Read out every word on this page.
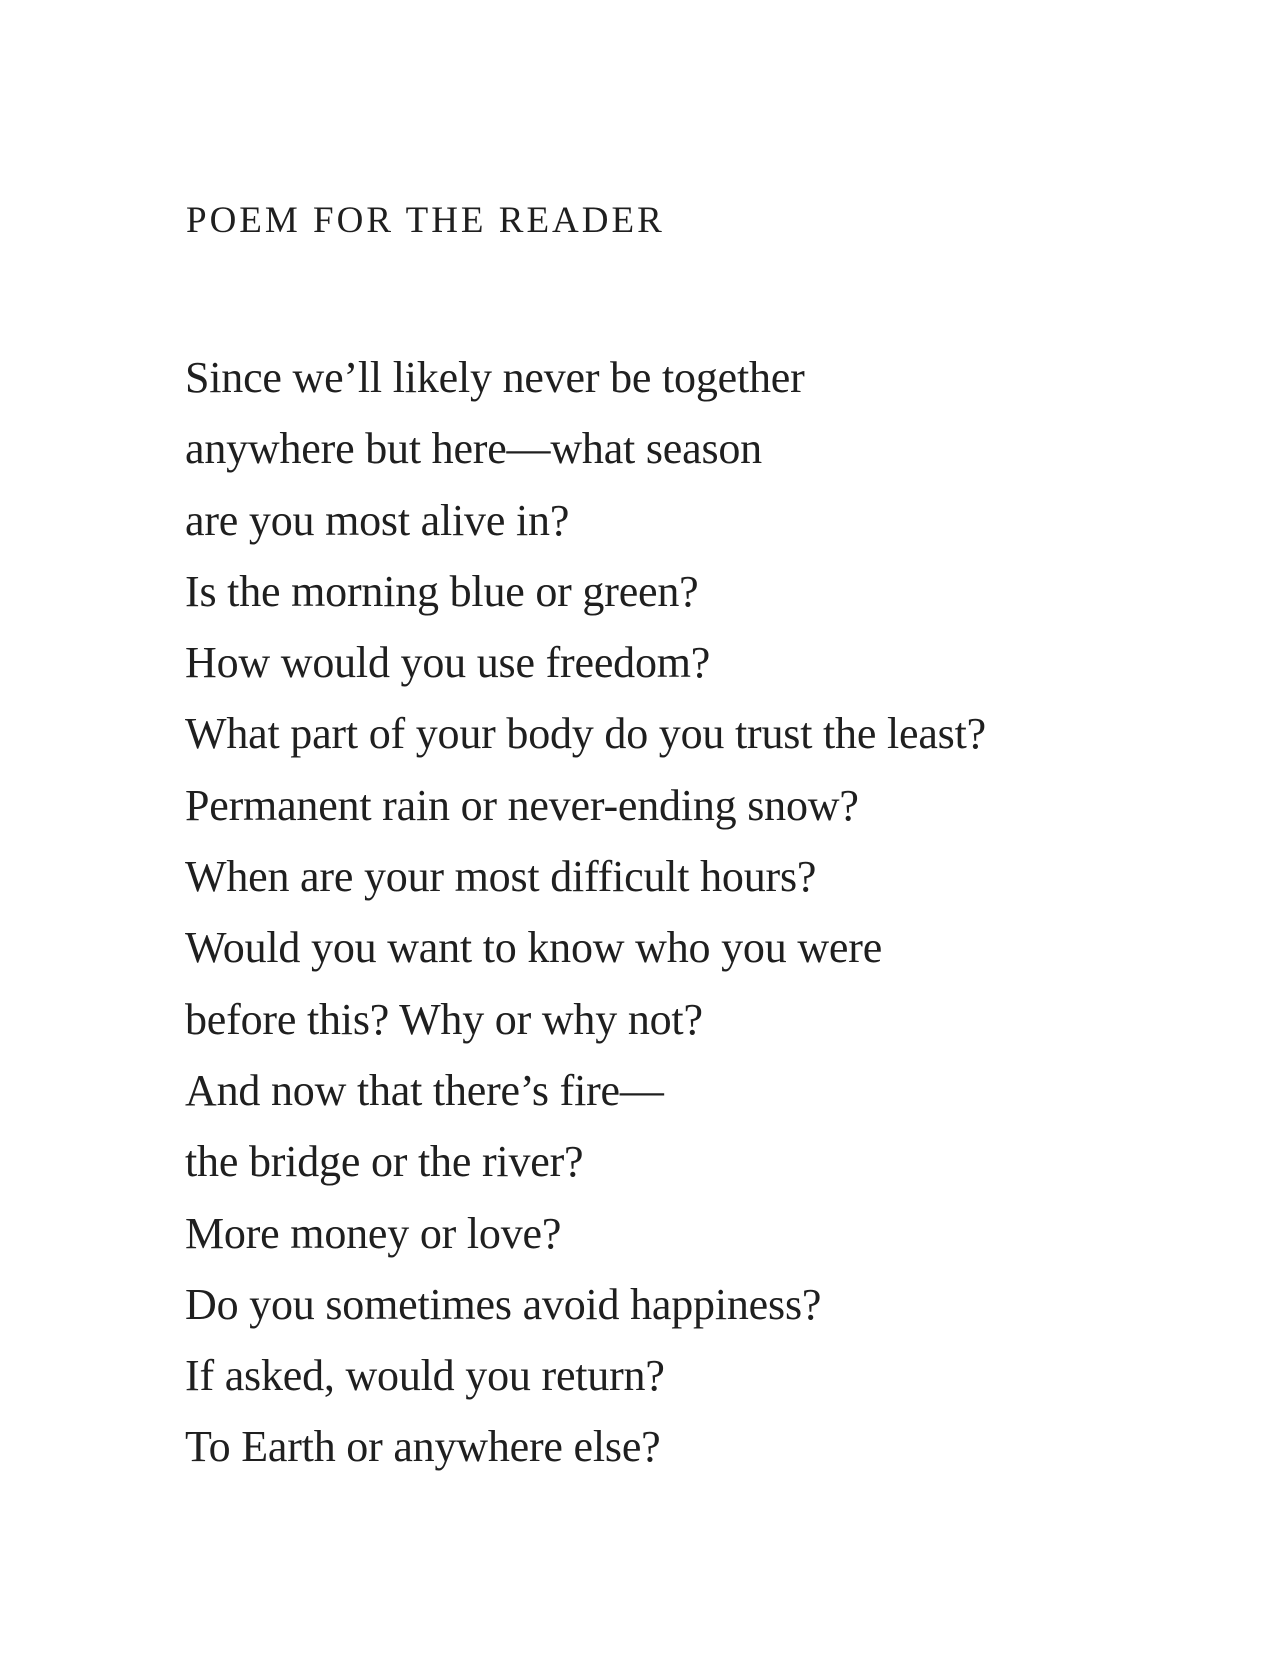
POEM FOR THE READER
Since we’ll likely never be together
anywhere but here—what season
are you most alive in?
Is the morning blue or green?
How would you use freedom?
What part of your body do you trust the least?
Permanent rain or never-ending snow?
When are your most difficult hours?
Would you want to know who you were
before this? Why or why not?
And now that there’s fire—
the bridge or the river?
More money or love?
Do you sometimes avoid happiness?
If asked, would you return?
To Earth or anywhere else?
